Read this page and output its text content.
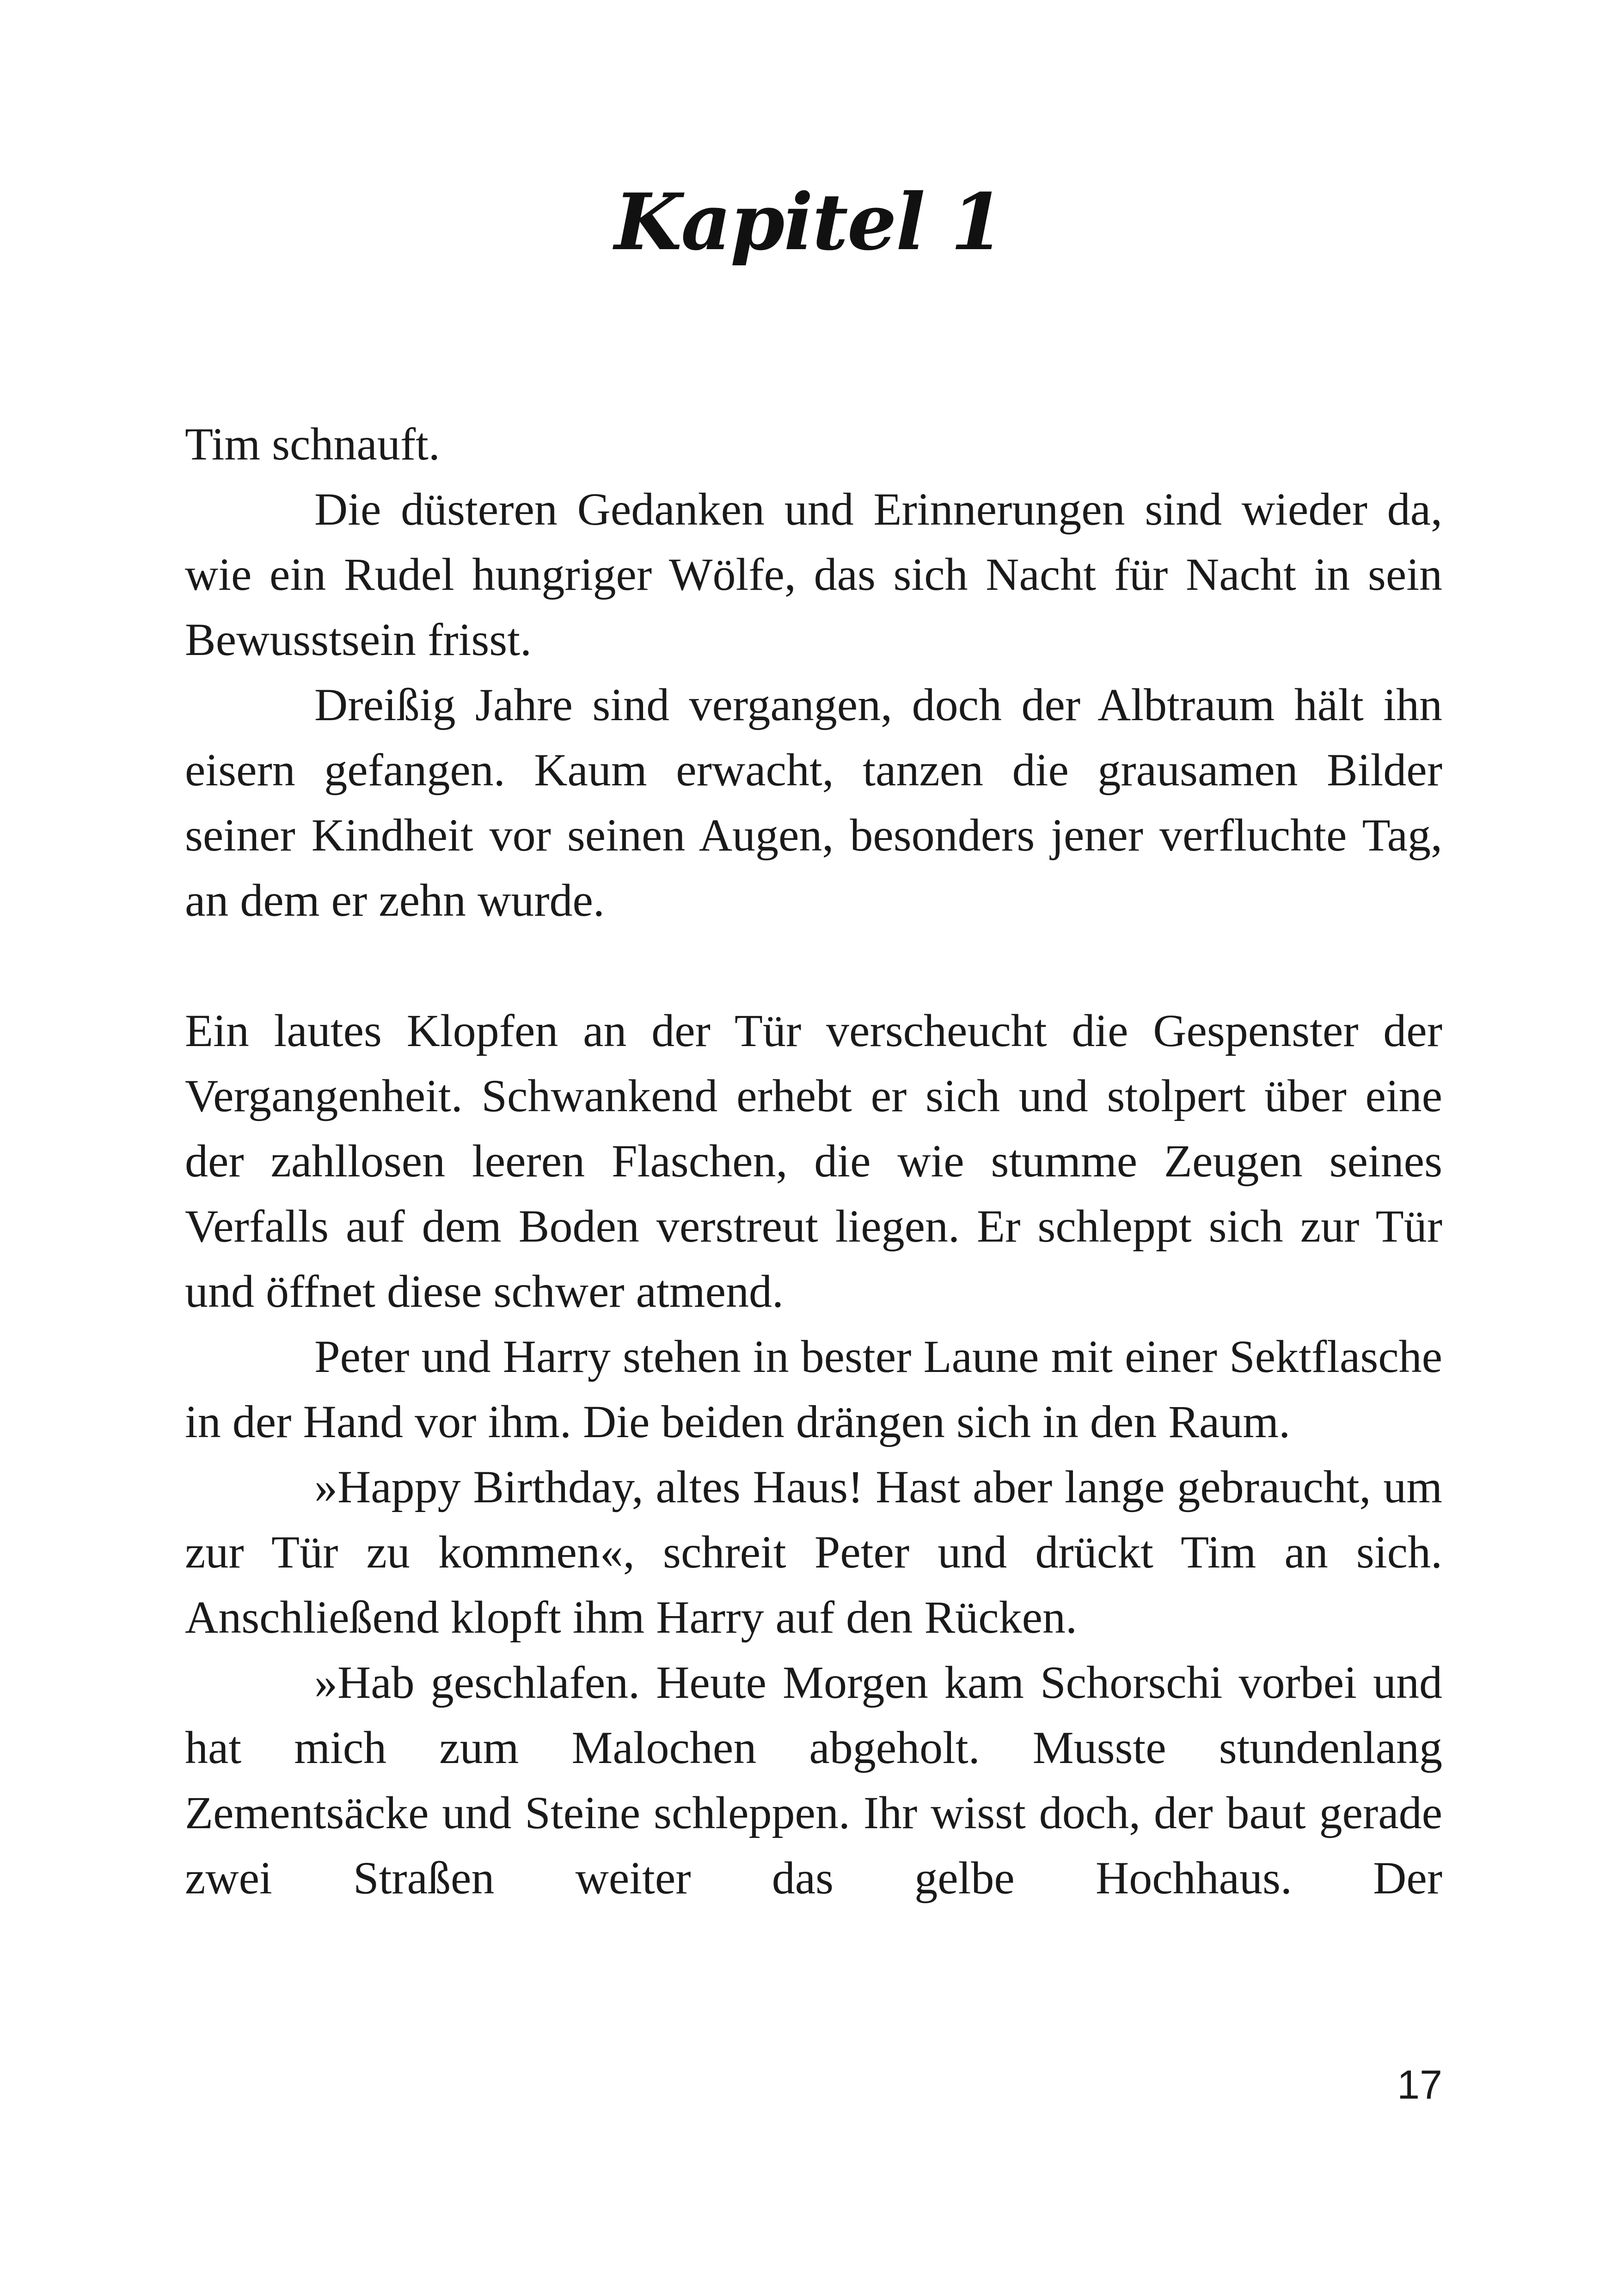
Kapitel 1

Tim schnauft.

Die düsteren Gedanken und Erinnerungen sind wieder da, wie ein Rudel hungriger Wölfe, das sich Nacht für Nacht in sein Bewusstsein frisst.

Dreißig Jahre sind vergangen, doch der Albtraum hält ihn eisern gefangen. Kaum erwacht, tanzen die grausamen Bilder seiner Kindheit vor seinen Augen, besonders jener verfluchte Tag, an dem er zehn wurde.

Ein lautes Klopfen an der Tür verscheucht die Gespenster der Vergangenheit. Schwankend erhebt er sich und stolpert über eine der zahllosen leeren Flaschen, die wie stumme Zeugen seines Verfalls auf dem Boden verstreut liegen. Er schleppt sich zur Tür und öffnet diese schwer atmend.

Peter und Harry stehen in bester Laune mit einer Sektflasche in der Hand vor ihm. Die beiden drängen sich in den Raum.

»Happy Birthday, altes Haus! Hast aber lange gebraucht, um zur Tür zu kommen«, schreit Peter und drückt Tim an sich. Anschließend klopft ihm Harry auf den Rücken.

»Hab geschlafen. Heute Morgen kam Schorschi vorbei und hat mich zum Malochen abgeholt. Musste stundenlang Zementsäcke und Steine schleppen. Ihr wisst doch, der baut gerade zwei Straßen weiter das gelbe Hochhaus. Der

17
